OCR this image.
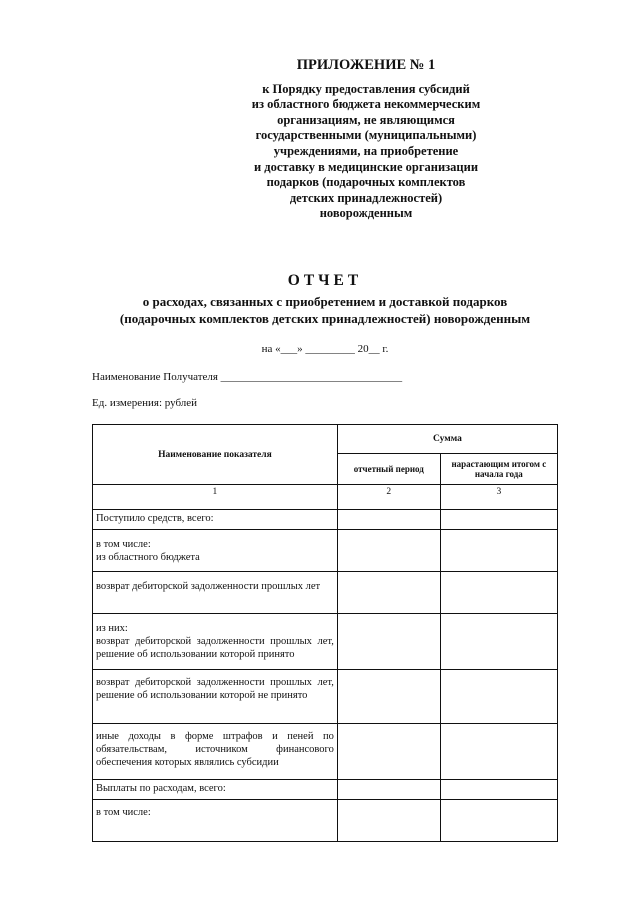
ПРИЛОЖЕНИЕ № 1
к Порядку предоставления субсидий
из областного бюджета некоммерческим
организациям, не являющимся
государственными (муниципальными)
учреждениями, на приобретение
и доставку в медицинские организации
подарков (подарочных комплектов
детских принадлежностей)
новорожденным
ОТЧЕТ
о расходах, связанных с приобретением и доставкой подарков
(подарочных комплектов детских принадлежностей) новорожденным
на «___» _________ 20__ г.
Наименование Получателя _________________________________
Ед. измерения: рублей
Наименование показателя	Сумма	
	отчетный период	нарастающим итогом с начала года
1	2	3

Поступило средств, всего:		

в том числе:
из областного бюджета		

возврат дебиторской задолженности прошлых лет		

из них:
возврат дебиторской задолженности прошлых лет, решение об использовании которой принято		

возврат дебиторской задолженности прошлых лет, решение об использовании которой не принято		

иные доходы в форме штрафов и пеней по обязательствам, источником финансового обеспечения которых являлись субсидии		

Выплаты по расходам, всего:		

в том числе:		
